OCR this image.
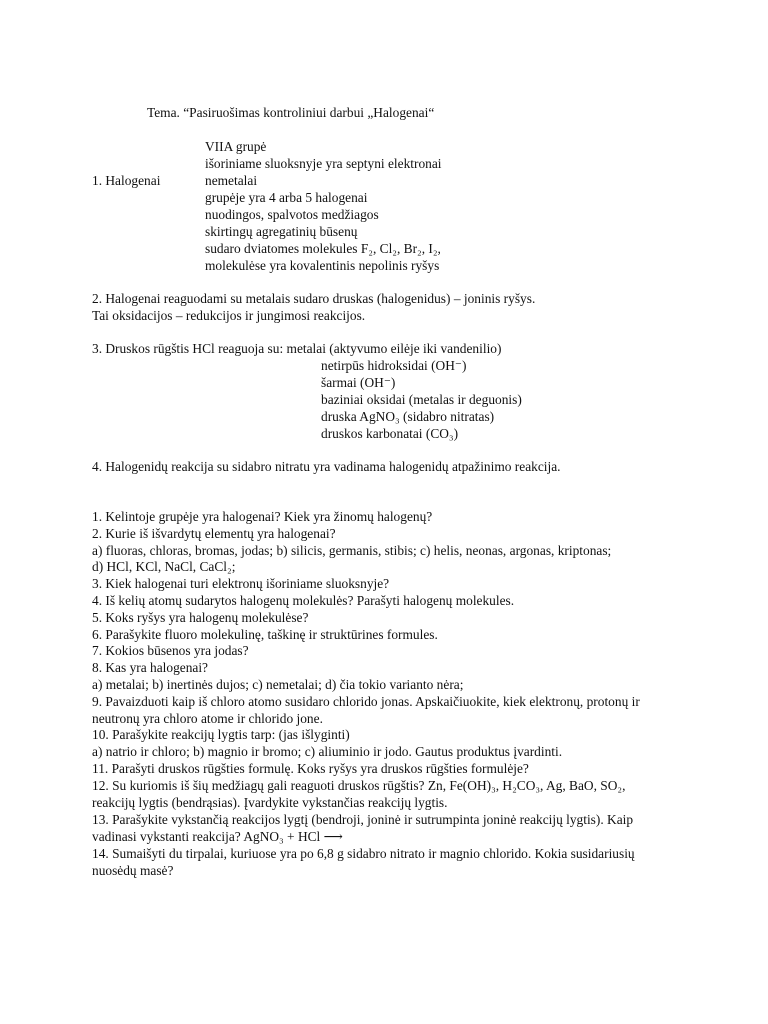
Tema. “Pasiruošimas kontroliniui darbui „Halogenai“
VIIA grupė
išoriniame sluoksnyje yra septyni elektronai
1. Halogenai	nemetalai
grupėje yra 4 arba 5 halogenai
nuodingos, spalvotos medžiagos
skirtingų agregatinių būsenų
sudaro dviatomes molekules F₂, Cl₂, Br₂, I₂,
molekulėse yra kovalentinis nepolinis ryšys
2. Halogenai reaguodami su metalais sudaro druskas (halogenidus) – joninis ryšys.
Tai oksidacijos – redukcijos ir jungimosi reakcijos.
3. Druskos rūgštis HCl reaguoja su: metalai (aktyvumo eilėje iki vandenilio)
netirpūs hidroksidai (OH⁻)
šarmai (OH⁻)
baziniai oksidai (metalas ir deguonis)
druska AgNO₃ (sidabro nitratas)
druskos karbonatai (CO₃)
4. Halogenidų reakcija su sidabro nitratu yra vadinama halogenidų atpažinimo reakcija.
1. Kelintoje grupėje yra halogenai? Kiek yra žinomų halogenų?
2. Kurie iš išvardytų elementų yra halogenai?
a) fluoras, chloras, bromas, jodas; b) silicis, germanis, stibis; c) helis, neonas, argonas, kriptonas;
d) HCl, KCl, NaCl, CaCl₂;
3. Kiek halogenai turi elektronų išoriniame sluoksnyje?
4. Iš kelių atomų sudarytos halogenų molekulės? Parašyti halogenų molekules.
5. Koks ryšys yra halogenų molekulėse?
6. Parašykite fluoro molekulinę, taškinę ir struktūrines formules.
7. Kokios būsenos yra jodas?
8. Kas yra halogenai?
a) metalai; b) inertinės dujos; c) nemetalai; d) čia tokio varianto nėra;
9. Pavaizduoti kaip iš chloro atomo susidaro chlorido jonas. Apskaičiuokite, kiek elektronų, protonų ir
neutronų yra chloro atome ir chlorido jone.
10. Parašykite reakcijų lygtis tarp: (jas išlyginti)
a) natrio ir chloro; b) magnio ir bromo; c) aliuminio ir jodo. Gautus produktus įvardinti.
11. Parašyti druskos rūgšties formulę. Koks ryšys yra druskos rūgšties formulėje?
12. Su kuriomis iš šių medžiagų gali reaguoti druskos rūgštis? Zn, Fe(OH)₃, H₂CO₃, Ag, BaO, SO₂,
reakcijų lygtis (bendrąsias). Įvardykite vykstančias reakcijų lygtis.
13. Parašykite vykstančią reakcijos lygtį (bendroji, joninė ir sutrumpinta joninė reakcijų lygtis). Kaip
vadinasi vykstanti reakcija? AgNO₃ + HCl ⟶
14. Sumaišyti du tirpalai, kuriuose yra po 6,8 g sidabro nitrato ir magnio chlorido. Kokia susidariusių
nuosėdų masė?
